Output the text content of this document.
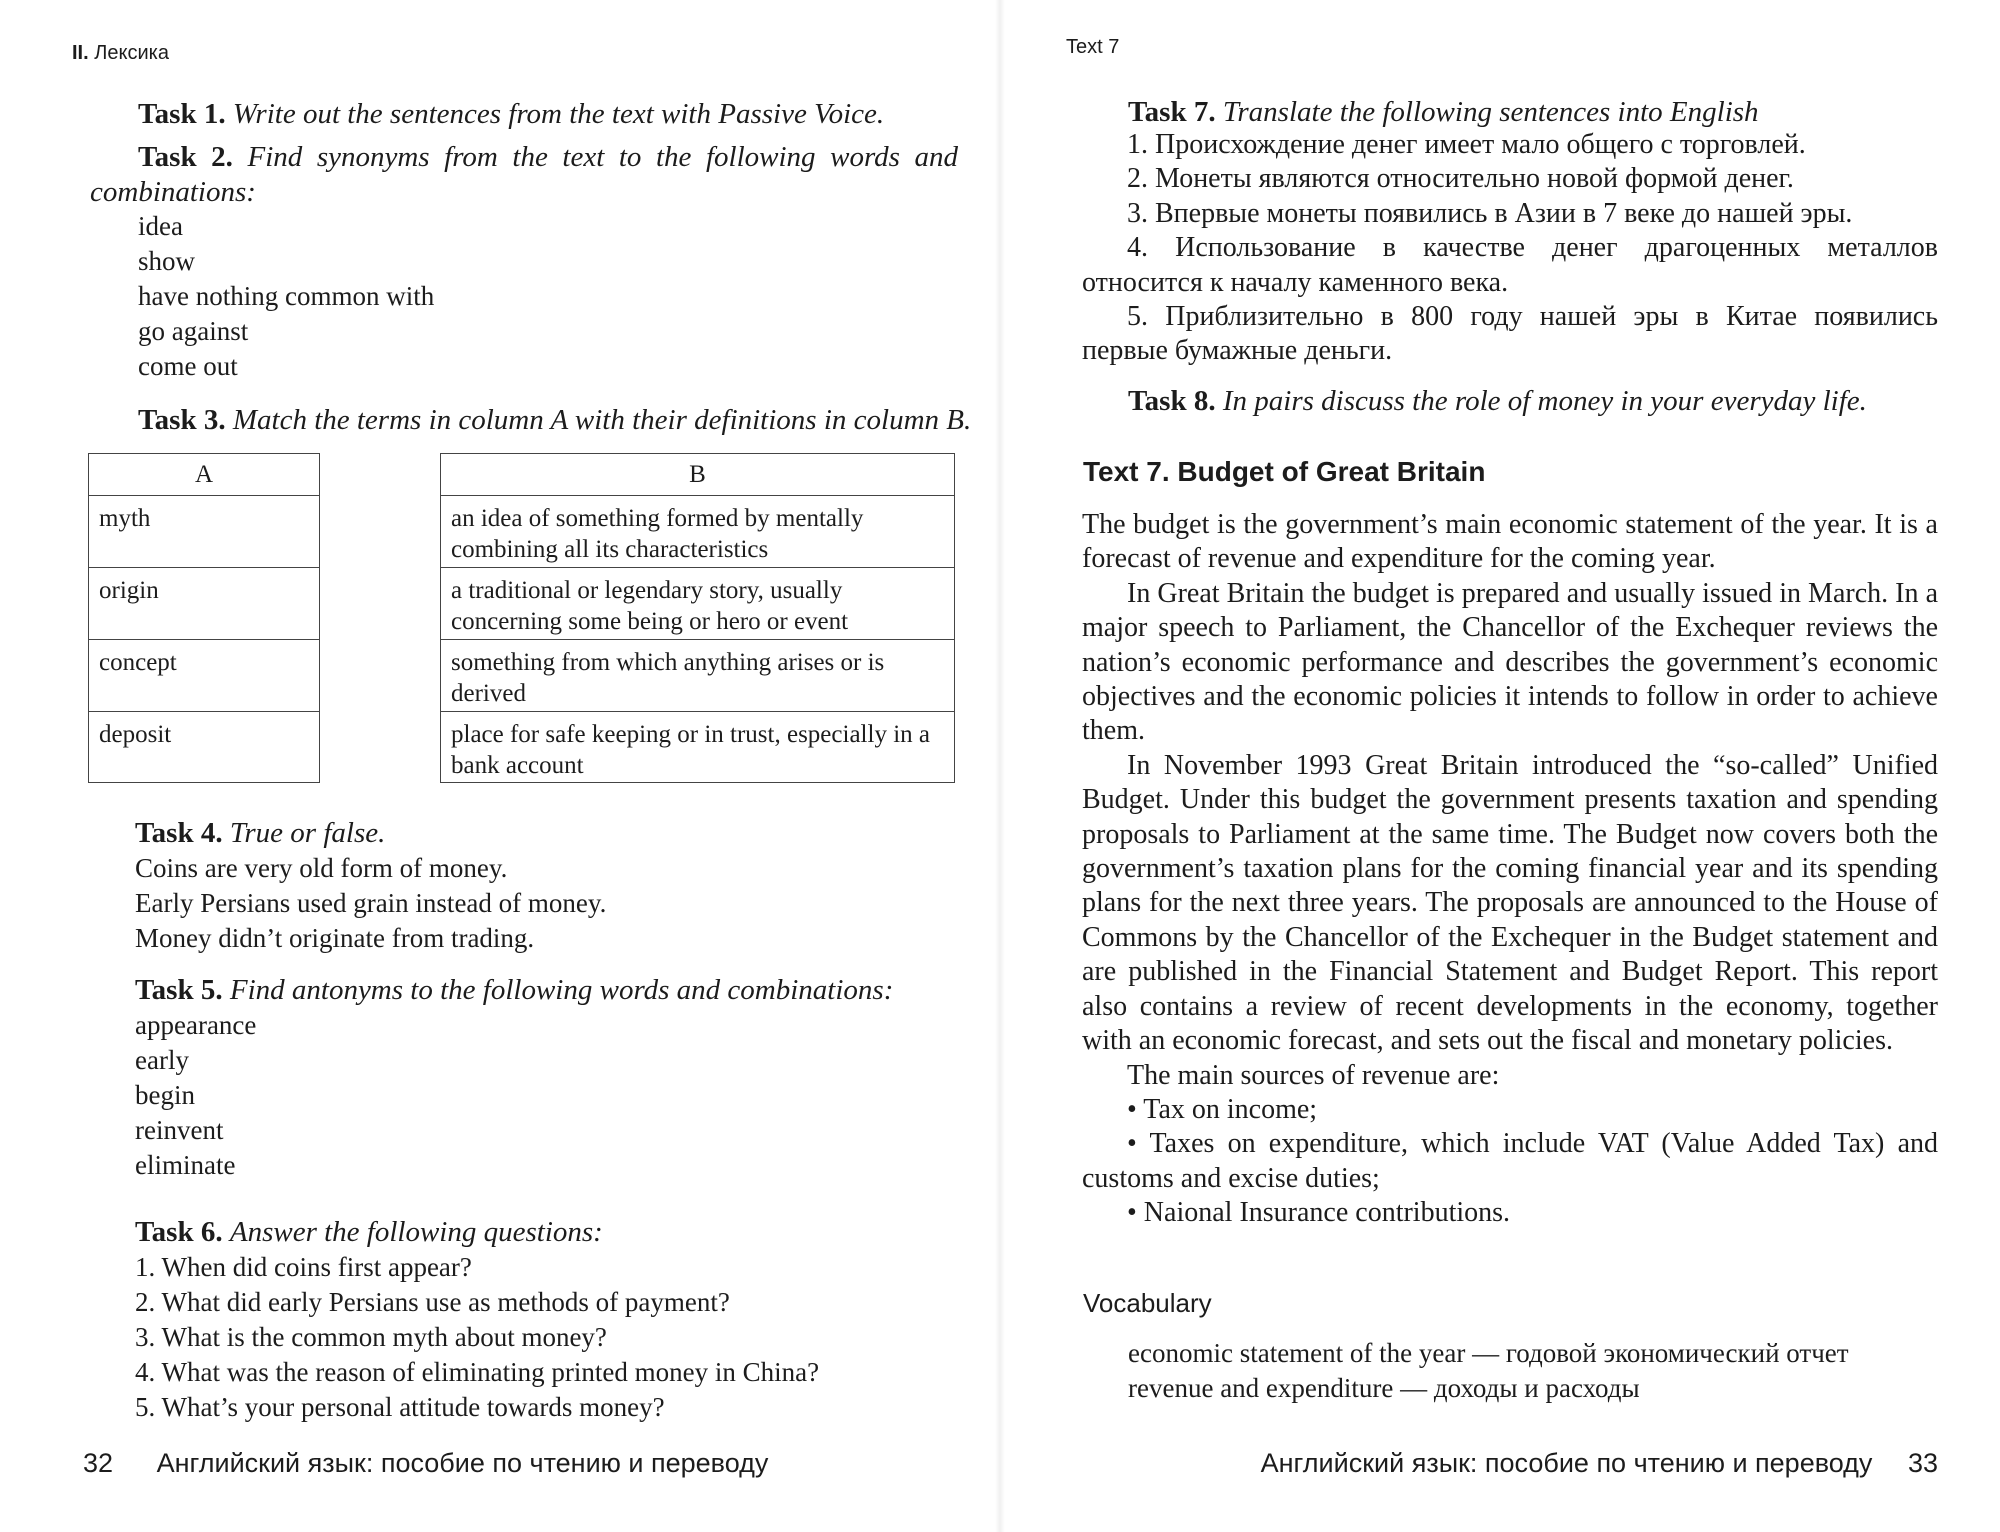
II. Лексика
Task 1. Write out the sentences from the text with Passive Voice.
Task 2. Find synonyms from the text to the following words and combinations:
idea
show
have nothing common with
go against
come out
Task 3. Match the terms in column A with their definitions in column B.
A
myth
origin
concept
deposit
B
an idea of something formed by mentally combining all its characteristics
a traditional or legendary story, usually concerning some being or hero or event
something from which anything arises or is derived
place for safe keeping or in trust, especially in a bank account
Task 4. True or false.
Coins are very old form of money.
Early Persians used grain instead of money.
Money didn’t originate from trading.
Task 5. Find antonyms to the following words and combinations:
appearance
early
begin
reinvent
eliminate
Task 6. Answer the following questions:
1. When did coins first appear?
2. What did early Persians use as methods of payment?
3. What is the common myth about money?
4. What was the reason of eliminating printed money in China?
5. What’s your personal attitude towards money?
32 Английский язык: пособие по чтению и переводу
Text 7
Task 7. Translate the following sentences into English

1. Происхождение денег имеет мало общего с торговлей.

2. Монеты являются относительно новой формой денег.

3. Впервые монеты появились в Азии в 7 веке до нашей эры.

4. Использование в качестве денег драгоценных металлов относится к началу каменного века.

5. Приблизительно в 800 году нашей эры в Китае появились первые бумажные деньги.

Task 8. In pairs discuss the role of money in your everyday life.
Text 7. Budget of Great Britain

The budget is the government’s main economic statement of the year. It is a forecast of revenue and expenditure for the coming year.

In Great Britain the budget is prepared and usually issued in March. In a major speech to Parliament, the Chancellor of the Exchequer reviews the nation’s economic performance and describes the government’s economic objectives and the economic policies it intends to follow in order to achieve them.

In November 1993 Great Britain introduced the “so-called” Unified Budget. Under this budget the government presents taxation and spending proposals to Parliament at the same time. The Budget now covers both the government’s taxation plans for the coming financial year and its spending plans for the next three years. The proposals are announced to the House of Commons by the Chancellor of the Exchequer in the Budget statement and are published in the Financial Statement and Budget Report. This report also contains a review of recent developments in the economy, together with an economic forecast, and sets out the fiscal and monetary policies.

The main sources of revenue are:

• Tax on income;

• Taxes on expenditure, which include VAT (Value Added Tax) and customs and excise duties;

• Naional Insurance contributions.

Vocabulary
economic statement of the year — годовой экономический отчет
revenue and expenditure — доходы и расходы
Английский язык: пособие по чтению и переводу 33
